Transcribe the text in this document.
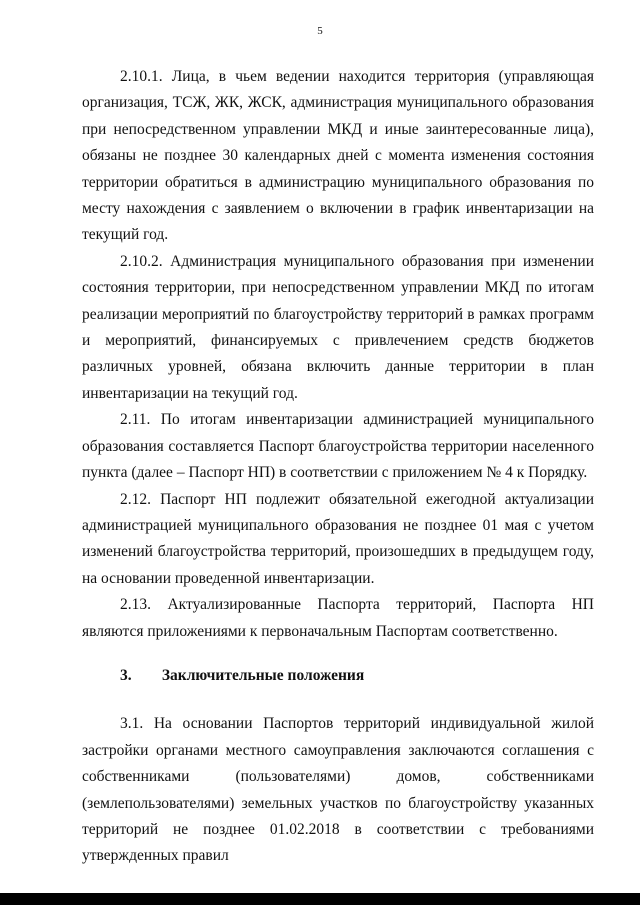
5

2.10.1. Лица, в чьем ведении находится территория (управляющая организация, ТСЖ, ЖК, ЖСК, администрация муниципального образования при непосредственном управлении МКД и иные заинтересованные лица), обязаны не позднее 30 календарных дней с момента изменения состояния территории обратиться в администрацию муниципального образования по месту нахождения с заявлением о включении в график инвентаризации на текущий год.

2.10.2. Администрация муниципального образования при изменении состояния территории, при непосредственном управлении МКД по итогам реализации мероприятий по благоустройству территорий в рамках программ и мероприятий, финансируемых с привлечением средств бюджетов различных уровней, обязана включить данные территории в план инвентаризации на текущий год.

2.11. По итогам инвентаризации администрацией муниципального образования составляется Паспорт благоустройства территории населенного пункта (далее – Паспорт НП) в соответствии с приложением № 4 к Порядку.

2.12. Паспорт НП подлежит обязательной ежегодной актуализации администрацией муниципального образования не позднее 01 мая с учетом изменений благоустройства территорий, произошедших в предыдущем году, на основании проведенной инвентаризации.

2.13. Актуализированные Паспорта территорий, Паспорта НП являются приложениями к первоначальным Паспортам соответственно.

3. Заключительные положения

3.1. На основании Паспортов территорий индивидуальной жилой застройки органами местного самоуправления заключаются соглашения с собственниками (пользователями) домов, собственниками (землепользователями) земельных участков по благоустройству указанных территорий не позднее 01.02.2018 в соответствии с требованиями утвержденных правил
